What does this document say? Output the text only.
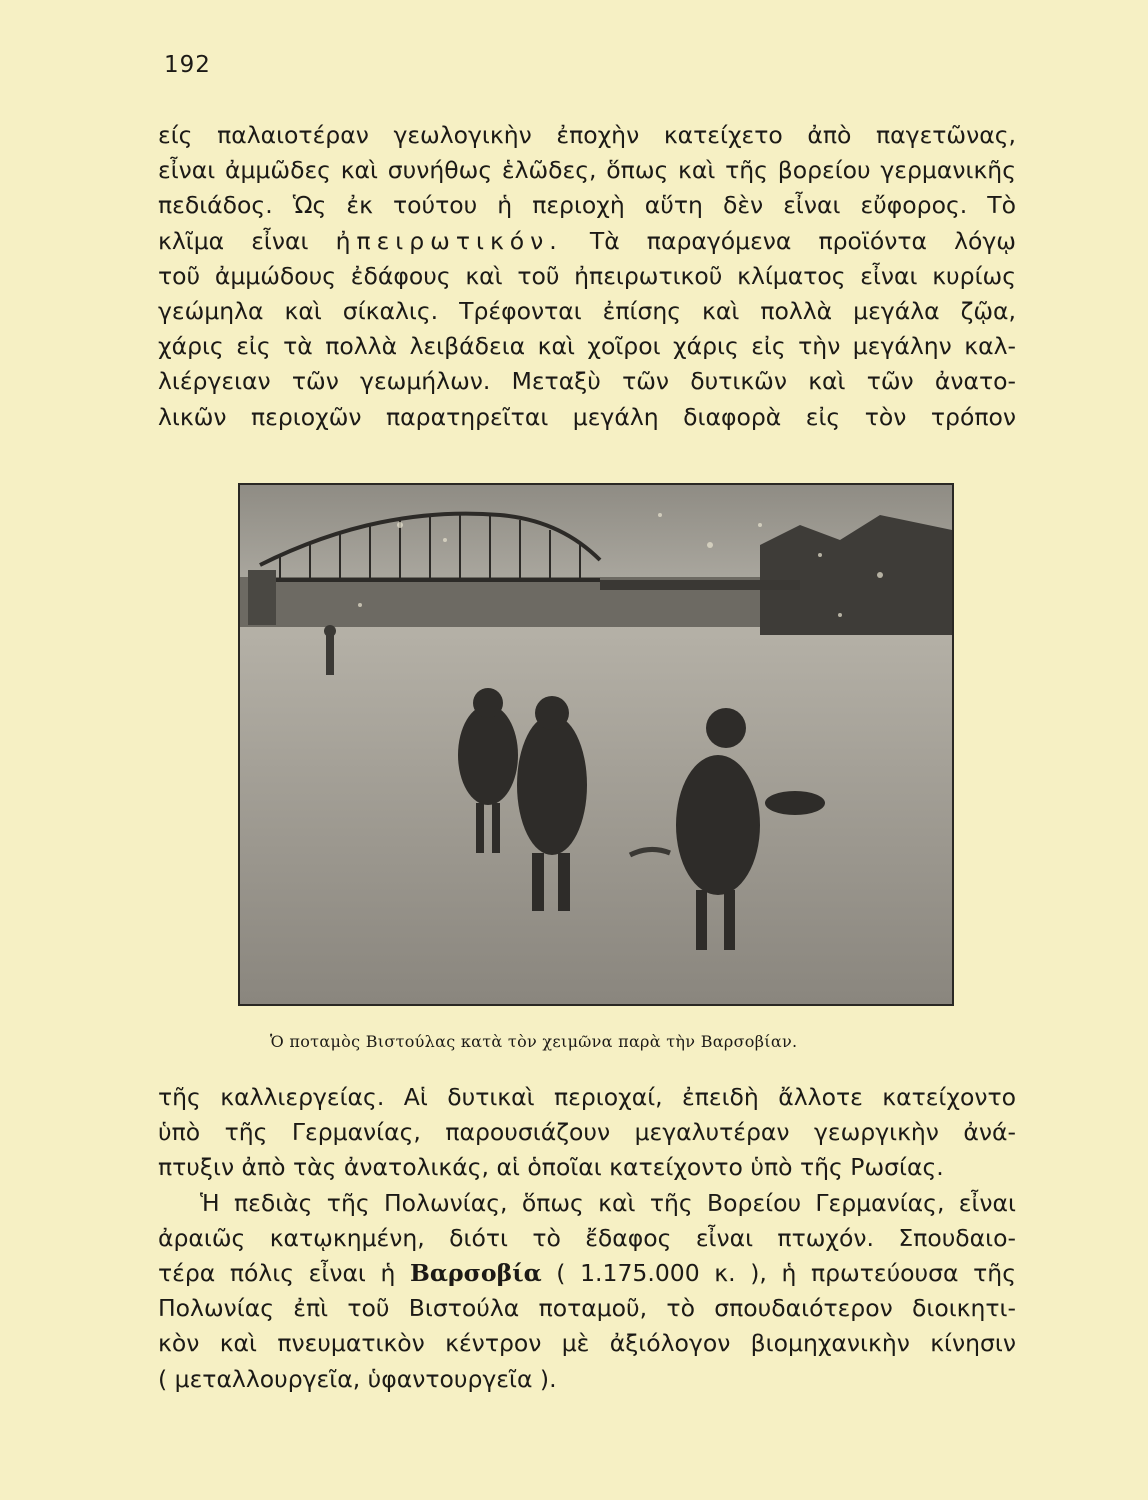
192
είς παλαιοτέραν γεωλογικὴν ἐποχὴν κατείχετο ἀπὸ παγετῶνας,
εἶναι ἀμμῶδες καὶ συνήθως ἑλῶδες, ὅπως καὶ τῆς βορείου γερμανικῆς
πεδιάδος. Ὡς ἐκ τούτου ἡ περιοχὴ αὕτη δὲν εἶναι εὔφορος. Τὸ
κλῖμα εἶναι ἠπειρωτικόν. Τὰ παραγόμενα προϊόντα λόγῳ
τοῦ ἀμμώδους ἐδάφους καὶ τοῦ ἠπειρωτικοῦ κλίματος εἶναι κυρίως
γεώμηλα καὶ σίκαλις. Τρέφονται ἐπίσης καὶ πολλὰ μεγάλα ζῷα,
χάρις εἰς τὰ πολλὰ λειβάδεια καὶ χοῖροι χάρις εἰς τὴν μεγάλην καλ-
λιέργειαν τῶν γεωμήλων. Μεταξὺ τῶν δυτικῶν καὶ τῶν ἀνατο-
λικῶν περιοχῶν παρατηρεῖται μεγάλη διαφορὰ εἰς τὸν τρόπον
Ὁ ποταμὸς Βιστούλας κατὰ τὸν χειμῶνα παρὰ τὴν Βαρσοβίαν.
τῆς καλλιεργείας. Αἱ δυτικαὶ περιοχαί, ἐπειδὴ ἄλλοτε κατείχοντο
ὑπὸ τῆς Γερμανίας, παρουσιάζουν μεγαλυτέραν γεωργικὴν ἀνά-
πτυξιν ἀπὸ τὰς ἀνατολικάς, αἱ ὁποῖαι κατείχοντο ὑπὸ τῆς Ρωσίας.
Ἡ πεδιὰς τῆς Πολωνίας, ὅπως καὶ τῆς Βορείου Γερμανίας, εἶναι
ἀραιῶς κατῳκημένη, διότι τὸ ἔδαφος εἶναι πτωχόν. Σπουδαιο-
τέρα πόλις εἶναι ἡ Βαρσοβία ( 1.175.000 κ. ), ἡ πρωτεύουσα τῆς
Πολωνίας ἐπὶ τοῦ Βιστούλα ποταμοῦ, τὸ σπουδαιότερον διοικητι-
κὸν καὶ πνευματικὸν κέντρον μὲ ἀξιόλογον βιομηχανικὴν κίνησιν
( μεταλλουργεῖα, ὑφαντουργεῖα ).
